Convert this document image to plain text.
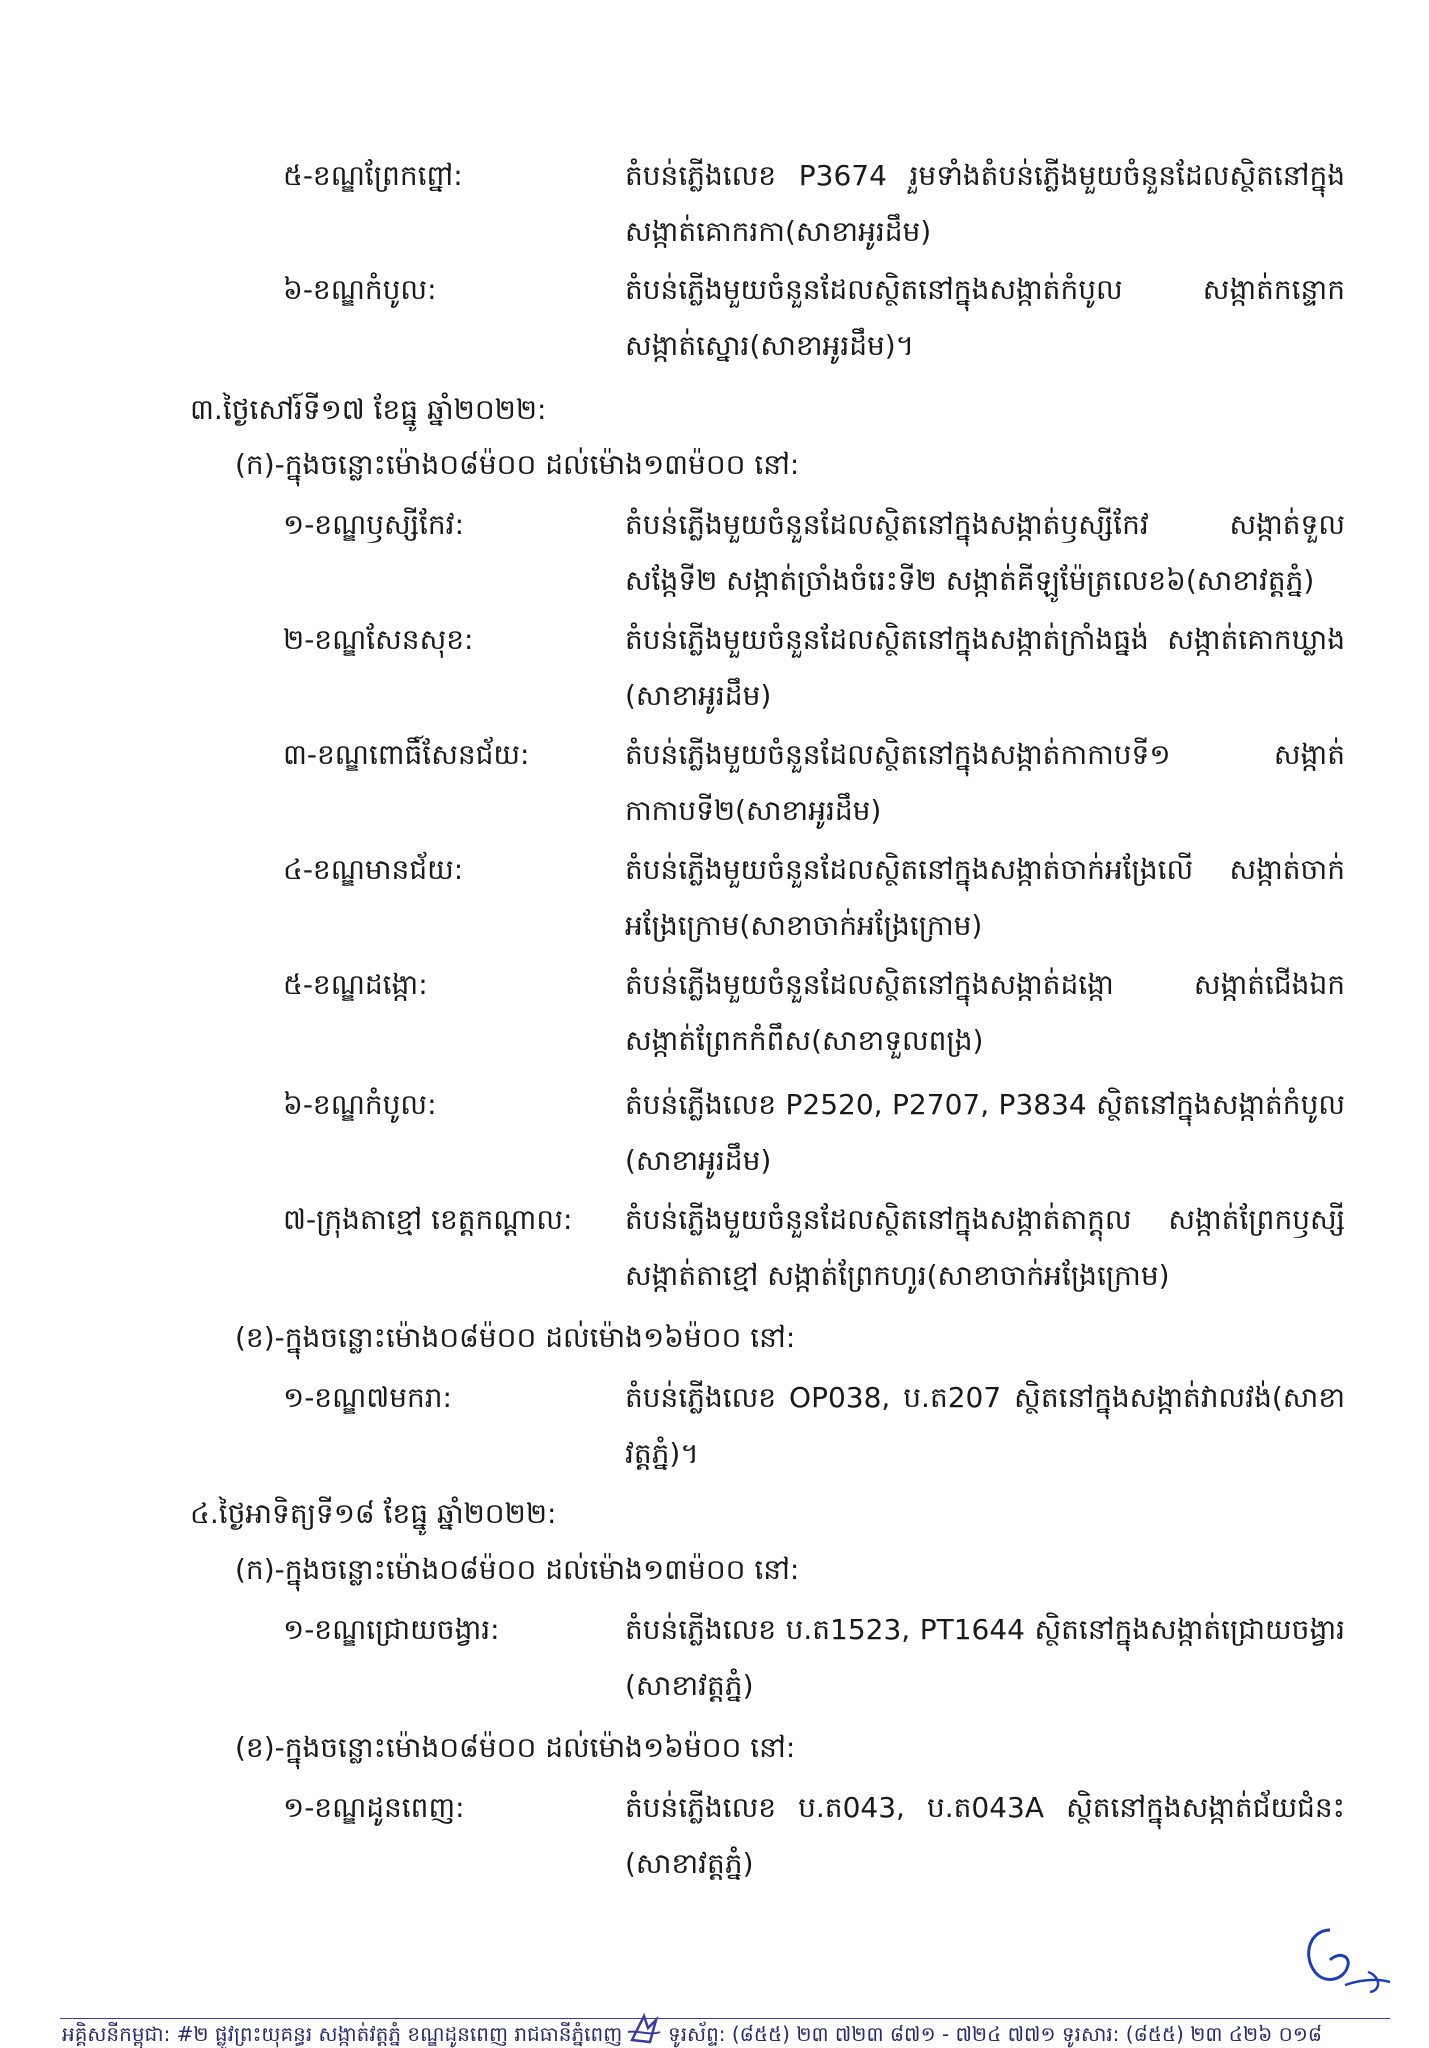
៥-ខណ្ឌព្រែកព្នៅ:	តំបន់ភ្លើងលេខ P3674 រួមទាំងតំបន់ភ្លើងមួយចំនួនដែលស្ថិតនៅក្នុងសង្កាត់គោករកា(សាខាអូរដឹម)
៦-ខណ្ឌកំបូល:	តំបន់ភ្លើងមួយចំនួនដែលស្ថិតនៅក្នុងសង្កាត់កំបូល សង្កាត់កន្ទោក សង្កាត់ស្នោរ(សាខាអូរដឹម)។
៣.ថ្ងៃសៅរ៍ទី១៧ ខែធ្នូ ឆ្នាំ២០២២:
(ក)-ក្នុងចន្លោះម៉ោង០៨ម៉០០ ដល់ម៉ោង១៣ម៉០០ នៅ:
១-ខណ្ឌឫស្សីកែវ:	តំបន់ភ្លើងមួយចំនួនដែលស្ថិតនៅក្នុងសង្កាត់ឫស្សីកែវ សង្កាត់ទួលសង្កែទី២ សង្កាត់ច្រាំងចំរេះទី២ សង្កាត់គីឡូម៉ែត្រលេខ៦(សាខាវត្តភ្នំ)
២-ខណ្ឌសែនសុខ:	តំបន់ភ្លើងមួយចំនួនដែលស្ថិតនៅក្នុងសង្កាត់ក្រាំងធ្នង់ សង្កាត់គោកឃ្លាង (សាខាអូរដឹម)
៣-ខណ្ឌពោធិ៍សែនជ័យ:	តំបន់ភ្លើងមួយចំនួនដែលស្ថិតនៅក្នុងសង្កាត់កាកាបទី១ សង្កាត់កាកាបទី២(សាខាអូរដឹម)
៤-ខណ្ឌមានជ័យ:	តំបន់ភ្លើងមួយចំនួនដែលស្ថិតនៅក្នុងសង្កាត់ចាក់អង្រែលើ សង្កាត់ចាក់អង្រែក្រោម(សាខាចាក់អង្រែក្រោម)
៥-ខណ្ឌដង្កោ:	តំបន់ភ្លើងមួយចំនួនដែលស្ថិតនៅក្នុងសង្កាត់ដង្កោ សង្កាត់ជើងឯក សង្កាត់ព្រែកកំពឹស(សាខាទួលពង្រ)
៦-ខណ្ឌកំបូល:	តំបន់ភ្លើងលេខ P2520, P2707, P3834 ស្ថិតនៅក្នុងសង្កាត់កំបូល (សាខាអូរដឹម)
៧-ក្រុងតាខ្មៅ ខេត្តកណ្ដាល: តំបន់ភ្លើងមួយចំនួនដែលស្ថិតនៅក្នុងសង្កាត់តាក្ដុល សង្កាត់ព្រែកឫស្សី សង្កាត់តាខ្មៅ សង្កាត់ព្រែកហូរ(សាខាចាក់អង្រែក្រោម)
(ខ)-ក្នុងចន្លោះម៉ោង០៨ម៉០០ ដល់ម៉ោង១៦ម៉០០ នៅ:
១-ខណ្ឌ៧មករា:	តំបន់ភ្លើងលេខ OP038, ប.ត207 ស្ថិតនៅក្នុងសង្កាត់វាលវង់(សាខាវត្តភ្នំ)។
៤.ថ្ងៃអាទិត្យទី១៨ ខែធ្នូ ឆ្នាំ២០២២:
(ក)-ក្នុងចន្លោះម៉ោង០៨ម៉០០ ដល់ម៉ោង១៣ម៉០០ នៅ:
១-ខណ្ឌជ្រោយចង្វារ:	តំបន់ភ្លើងលេខ ប.ត1523, PT1644 ស្ថិតនៅក្នុងសង្កាត់ជ្រោយចង្វារ (សាខាវត្តភ្នំ)
(ខ)-ក្នុងចន្លោះម៉ោង០៨ម៉០០ ដល់ម៉ោង១៦ម៉០០ នៅ:
១-ខណ្ឌដូនពេញ:	តំបន់ភ្លើងលេខ ប.ត043, ប.ត043A ស្ថិតនៅក្នុងសង្កាត់ជ័យជំនះ (សាខាវត្តភ្នំ)
អគ្គិសនីកម្ពុជា: #២ ផ្លូវព្រះយុគន្ធរ សង្កាត់វត្តភ្នំ ខណ្ឌដូនពេញ រាជធានីភ្នំពេញ ទូរស័ព្ទ: (៨៥៥) ២៣ ៧២៣ ៨៧១ - ៧២៤ ៧៧១ ទូរសារ: (៨៥៥) ២៣ ៤២៦ ០១៨
